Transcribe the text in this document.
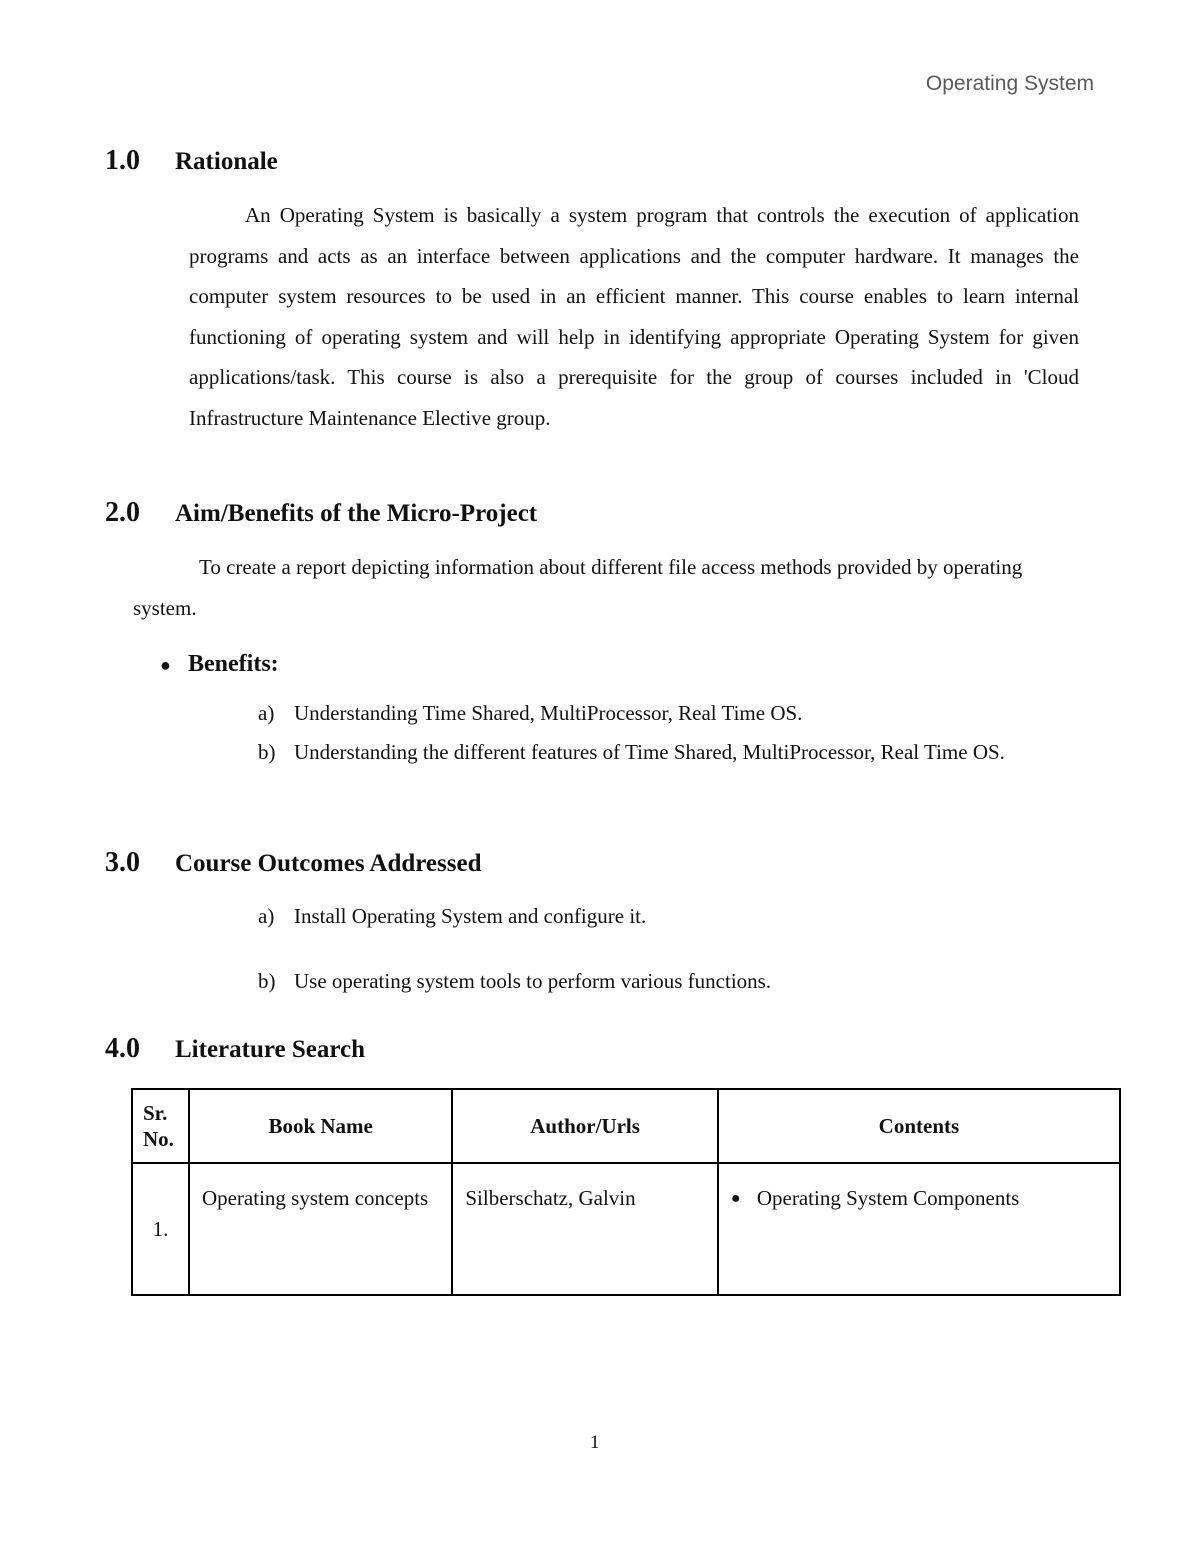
Operating System
1.0	Rationale
An Operating System is basically a system program that controls the execution of application programs and acts as an interface between applications and the computer hardware. It manages the computer system resources to be used in an efficient manner. This course enables to learn internal functioning of operating system and will help in identifying appropriate Operating System for given applications/task. This course is also a prerequisite for the group of courses included in 'Cloud Infrastructure Maintenance Elective group.
2.0	Aim/Benefits of the Micro-Project
To create a report depicting information about different file access methods provided by operating system.
● Benefits:
a) Understanding Time Shared, MultiProcessor, Real Time OS.
b) Understanding the different features of Time Shared, MultiProcessor, Real Time OS.
3.0	Course Outcomes Addressed
a) Install Operating System and configure it.
b) Use operating system tools to perform various functions.
4.0	Literature Search
Sr. No.	Book Name	Author/Urls	Contents
1.	Operating system concepts	Silberschatz, Galvin	● Operating System Components
1
